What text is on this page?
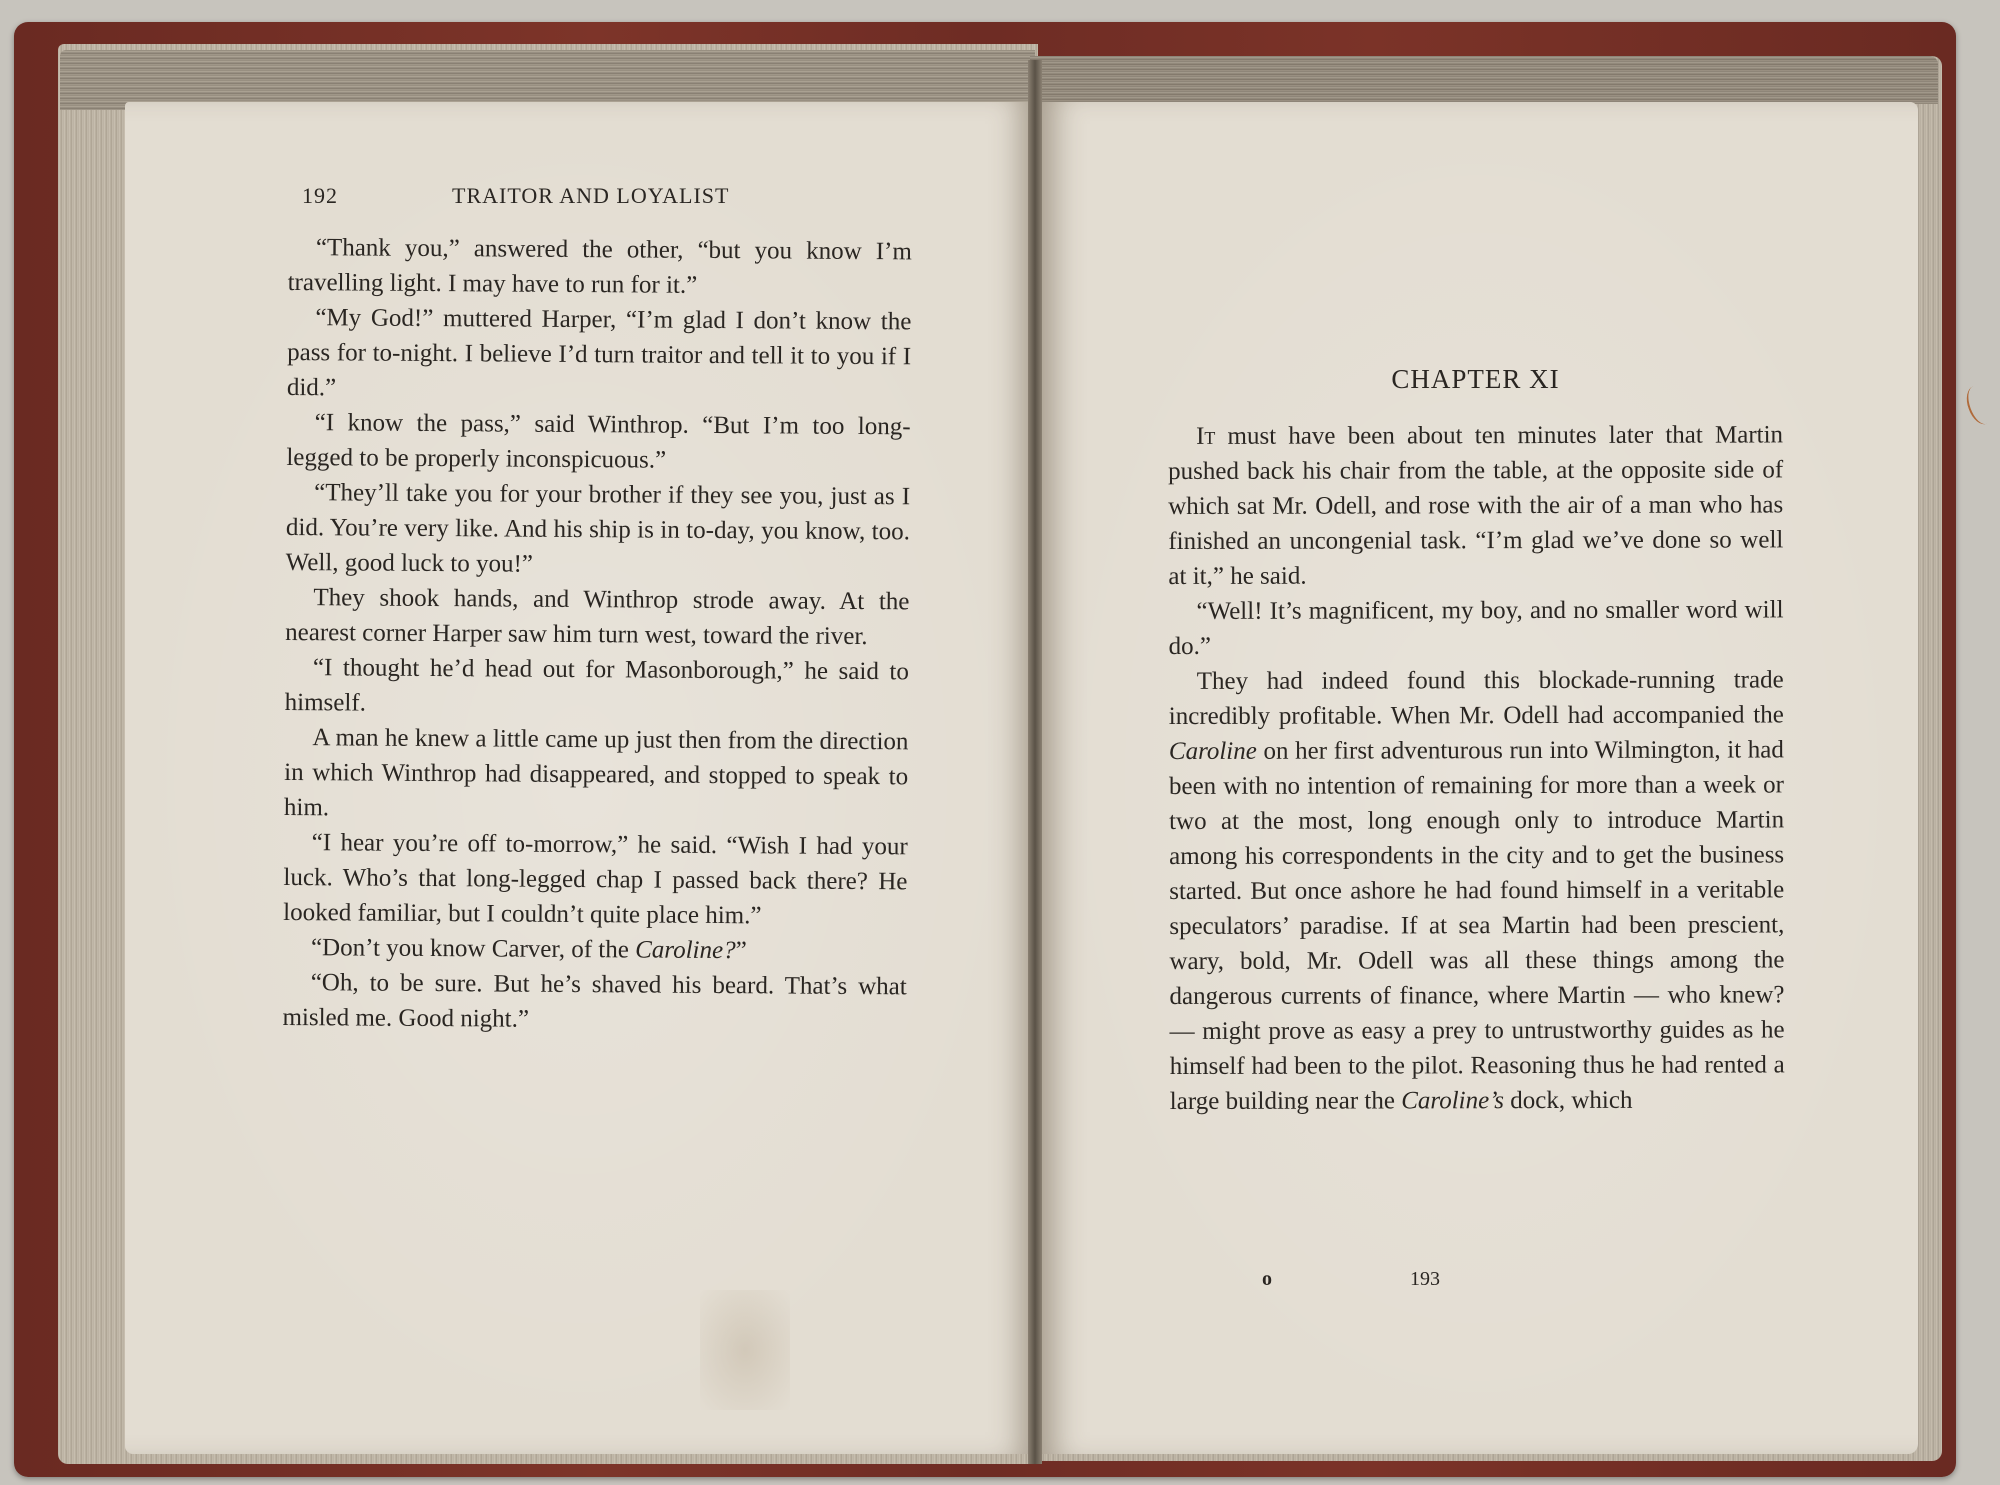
192	TRAITOR AND LOYALIST

“Thank you,” answered the other, “but you know I’m travelling light. I may have to run for it.”

“My God!” muttered Harper, “I’m glad I don’t know the pass for to-night. I believe I’d turn traitor and tell it to you if I did.”

“I know the pass,” said Winthrop. “But I’m too long-legged to be properly inconspicuous.”

“They’ll take you for your brother if they see you, just as I did. You’re very like. And his ship is in to-day, you know, too. Well, good luck to you!”

They shook hands, and Winthrop strode away. At the nearest corner Harper saw him turn west, toward the river.

“I thought he’d head out for Masonborough,” he said to himself.

A man he knew a little came up just then from the direction in which Winthrop had disappeared, and stopped to speak to him.

“I hear you’re off to-morrow,” he said. “Wish I had your luck. Who’s that long-legged chap I passed back there? He looked familiar, but I couldn’t quite place him.”

“Don’t you know Carver, of the Caroline?”

“Oh, to be sure. But he’s shaved his beard. That’s what misled me. Good night.”

CHAPTER XI

It must have been about ten minutes later that Martin pushed back his chair from the table, at the opposite side of which sat Mr. Odell, and rose with the air of a man who has finished an uncongenial task. “I’m glad we’ve done so well at it,” he said.

“Well! It’s magnificent, my boy, and no smaller word will do.”

They had indeed found this blockade-running trade incredibly profitable. When Mr. Odell had accompanied the Caroline on her first adventurous run into Wilmington, it had been with no intention of remaining for more than a week or two at the most, long enough only to introduce Martin among his correspondents in the city and to get the business started. But once ashore he had found himself in a veritable speculators’ paradise. If at sea Martin had been prescient, wary, bold, Mr. Odell was all these things among the dangerous currents of finance, where Martin — who knew? — might prove as easy a prey to untrustworthy guides as he himself had been to the pilot. Reasoning thus he had rented a large building near the Caroline’s dock, which

o	193
